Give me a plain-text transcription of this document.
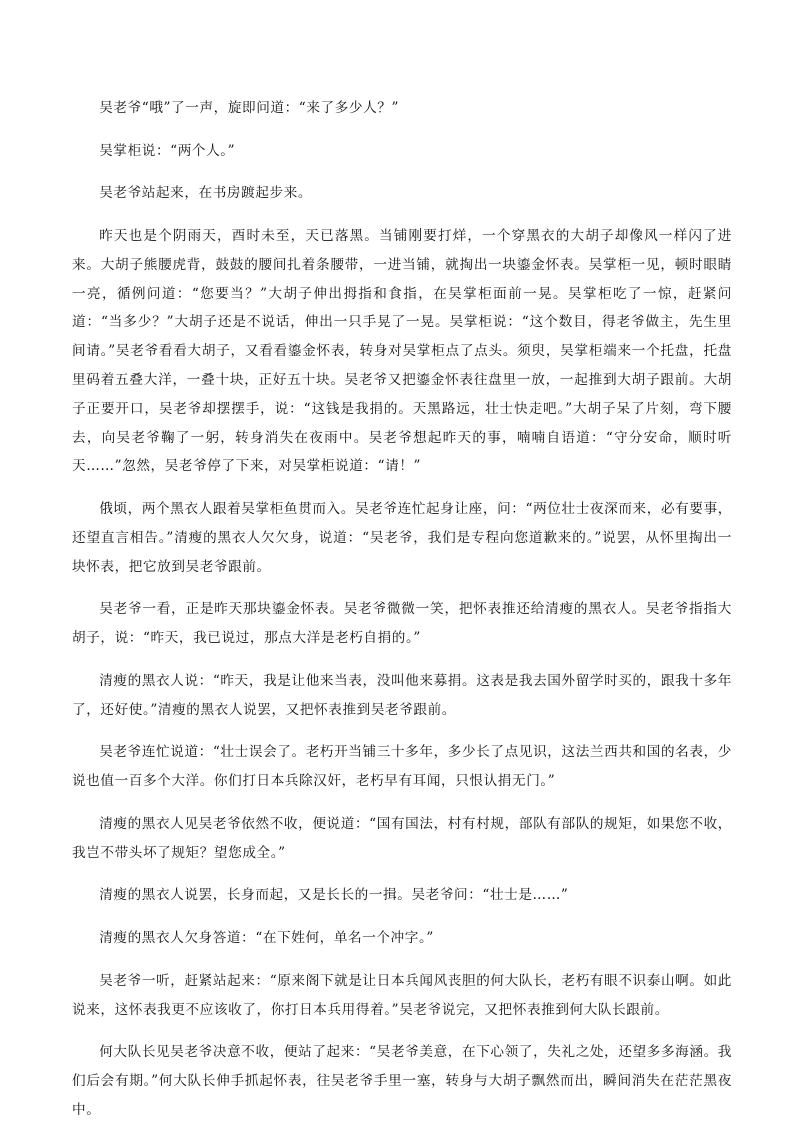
吴老爷“哦”了一声，旋即问道：“来了多少人？”

吴掌柜说：“两个人。”

吴老爷站起来，在书房踱起步来。

昨天也是个阴雨天，酉时未至，天已落黑。当铺刚要打烊，一个穿黑衣的大胡子却像风一样闪了进来。大胡子熊腰虎背，鼓鼓的腰间扎着条腰带，一进当铺，就掏出一块鎏金怀表。吴掌柜一见，顿时眼睛一亮，循例问道：“您要当？”大胡子伸出拇指和食指，在吴掌柜面前一晃。吴掌柜吃了一惊，赶紧问道：“当多少？”大胡子还是不说话，伸出一只手晃了一晃。吴掌柜说：“这个数目，得老爷做主，先生里间请。”吴老爷看看大胡子，又看看鎏金怀表，转身对吴掌柜点了点头。须臾，吴掌柜端来一个托盘，托盘里码着五叠大洋，一叠十块，正好五十块。吴老爷又把鎏金怀表往盘里一放，一起推到大胡子跟前。大胡子正要开口，吴老爷却摆摆手，说：“这钱是我捐的。天黑路远，壮士快走吧。”大胡子呆了片刻，弯下腰去，向吴老爷鞠了一躬，转身消失在夜雨中。吴老爷想起昨天的事，喃喃自语道：“守分安命，顺时听天……”忽然，吴老爷停了下来，对吴掌柜说道：“请！”

俄顷，两个黑衣人跟着吴掌柜鱼贯而入。吴老爷连忙起身让座，问：“两位壮士夜深而来，必有要事，还望直言相告。”清瘦的黑衣人欠欠身，说道：“吴老爷，我们是专程向您道歉来的。”说罢，从怀里掏出一块怀表，把它放到吴老爷跟前。

吴老爷一看，正是昨天那块鎏金怀表。吴老爷微微一笑，把怀表推还给清瘦的黑衣人。吴老爷指指大胡子，说：“昨天，我已说过，那点大洋是老朽自捐的。”

清瘦的黑衣人说：“昨天，我是让他来当表，没叫他来募捐。这表是我去国外留学时买的，跟我十多年了，还好使。”清瘦的黑衣人说罢，又把怀表推到吴老爷跟前。

吴老爷连忙说道：“壮士误会了。老朽开当铺三十多年，多少长了点见识，这法兰西共和国的名表，少说也值一百多个大洋。你们打日本兵除汉奸，老朽早有耳闻，只恨认捐无门。”

清瘦的黑衣人见吴老爷依然不收，便说道：“国有国法，村有村规，部队有部队的规矩，如果您不收，我岂不带头坏了规矩？望您成全。”

清瘦的黑衣人说罢，长身而起，又是长长的一揖。吴老爷问：“壮士是……”

清瘦的黑衣人欠身答道：“在下姓何，单名一个冲字。”

吴老爷一听，赶紧站起来：“原来阁下就是让日本兵闻风丧胆的何大队长，老朽有眼不识泰山啊。如此说来，这怀表我更不应该收了，你打日本兵用得着。”吴老爷说完，又把怀表推到何大队长跟前。

何大队长见吴老爷决意不收，便站了起来：“吴老爷美意，在下心领了，失礼之处，还望多多海涵。我们后会有期。”何大队长伸手抓起怀表，往吴老爷手里一塞，转身与大胡子飘然而出，瞬间消失在茫茫黑夜中。
